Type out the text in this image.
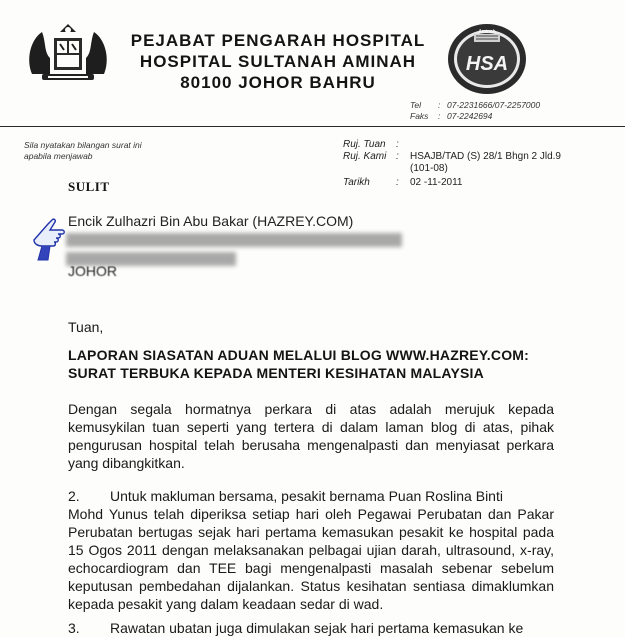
PEJABAT PENGARAH HOSPITAL
HOSPITAL SULTANAH AMINAH
80100 JOHOR BAHRU
Aminah
HSA
Tel : 07-2231666/07-2257000
Faks : 07-2242694
Sila nyatakan bilangan surat ini
apabila menjawab
Ruj. Tuan :
Ruj. Kami : HSAJB/TAD (S) 28/1 Bhgn 2 Jld.9
(101-08)
Tarikh	: 02 -11-2011
SULIT
Encik Zulhazri Bin Abu Bakar (HAZREY.COM)
JOHOR
Tuan,
LAPORAN SIASATAN ADUAN MELALUI BLOG WWW.HAZREY.COM:
SURAT TERBUKA KEPADA MENTERI KESIHATAN MALAYSIA
Dengan segala hormatnya perkara di atas adalah merujuk kepada kemusykilan tuan seperti yang tertera di dalam laman blog di atas, pihak pengurusan hospital telah berusaha mengenalpasti dan menyiasat perkara yang dibangkitkan.
2. Untuk makluman bersama, pesakit bernama Puan Roslina Binti
Mohd Yunus telah diperiksa setiap hari oleh Pegawai Perubatan dan Pakar Perubatan bertugas sejak hari pertama kemasukan pesakit ke hospital pada 15 Ogos 2011 dengan melaksanakan pelbagai ujian darah, ultrasound, x-ray, echocardiogram dan TEE bagi mengenalpasti masalah sebenar sebelum keputusan pembedahan dijalankan. Status kesihatan sentiasa dimaklumkan kepada pesakit yang dalam keadaan sedar di wad.
3. Rawatan ubatan juga dimulakan sejak hari pertama kemasukan ke
